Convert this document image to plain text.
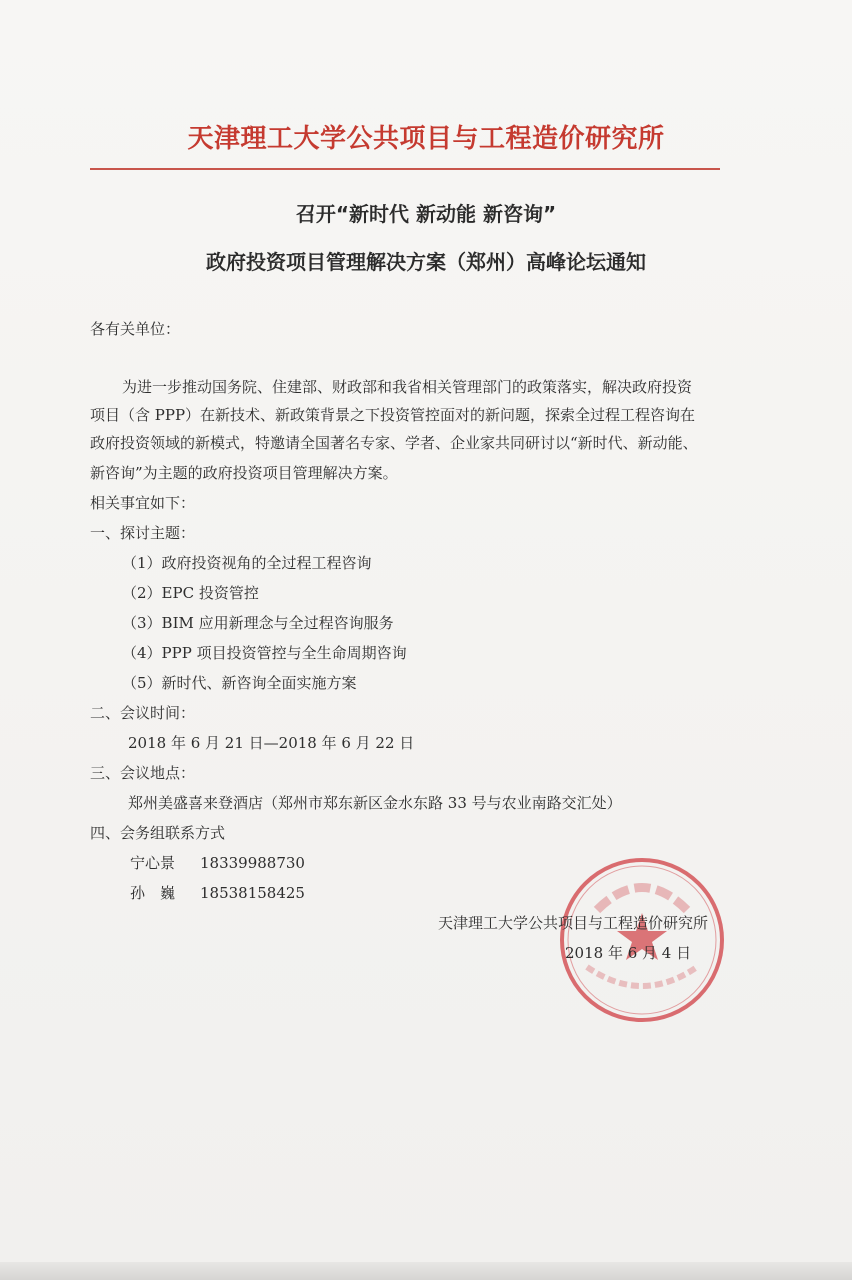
天津理工大学公共项目与工程造价研究所
召开“新时代 新动能 新咨询”
政府投资项目管理解决方案（郑州）高峰论坛通知
各有关单位：
为进一步推动国务院、住建部、财政部和我省相关管理部门的政策落实，解决政府投资
项目（含 PPP）在新技术、新政策背景之下投资管控面对的新问题，探索全过程工程咨询在
政府投资领域的新模式，特邀请全国著名专家、学者、企业家共同研讨以“新时代、新动能、
新咨询”为主题的政府投资项目管理解决方案。
相关事宜如下：
一、探讨主题：
（1）政府投资视角的全过程工程咨询
（2）EPC 投资管控
（3）BIM 应用新理念与全过程咨询服务
（4）PPP 项目投资管控与全生命周期咨询
（5）新时代、新咨询全面实施方案
二、会议时间：
2018 年 6 月 21 日—2018 年 6 月 22 日
三、会议地点：
郑州美盛喜来登酒店（郑州市郑东新区金水东路 33 号与农业南路交汇处）
四、会务组联系方式
宁心景 18339988730
孙　巍 18538158425
天津理工大学公共项目与工程造价研究所
2018 年 6 月 4 日
